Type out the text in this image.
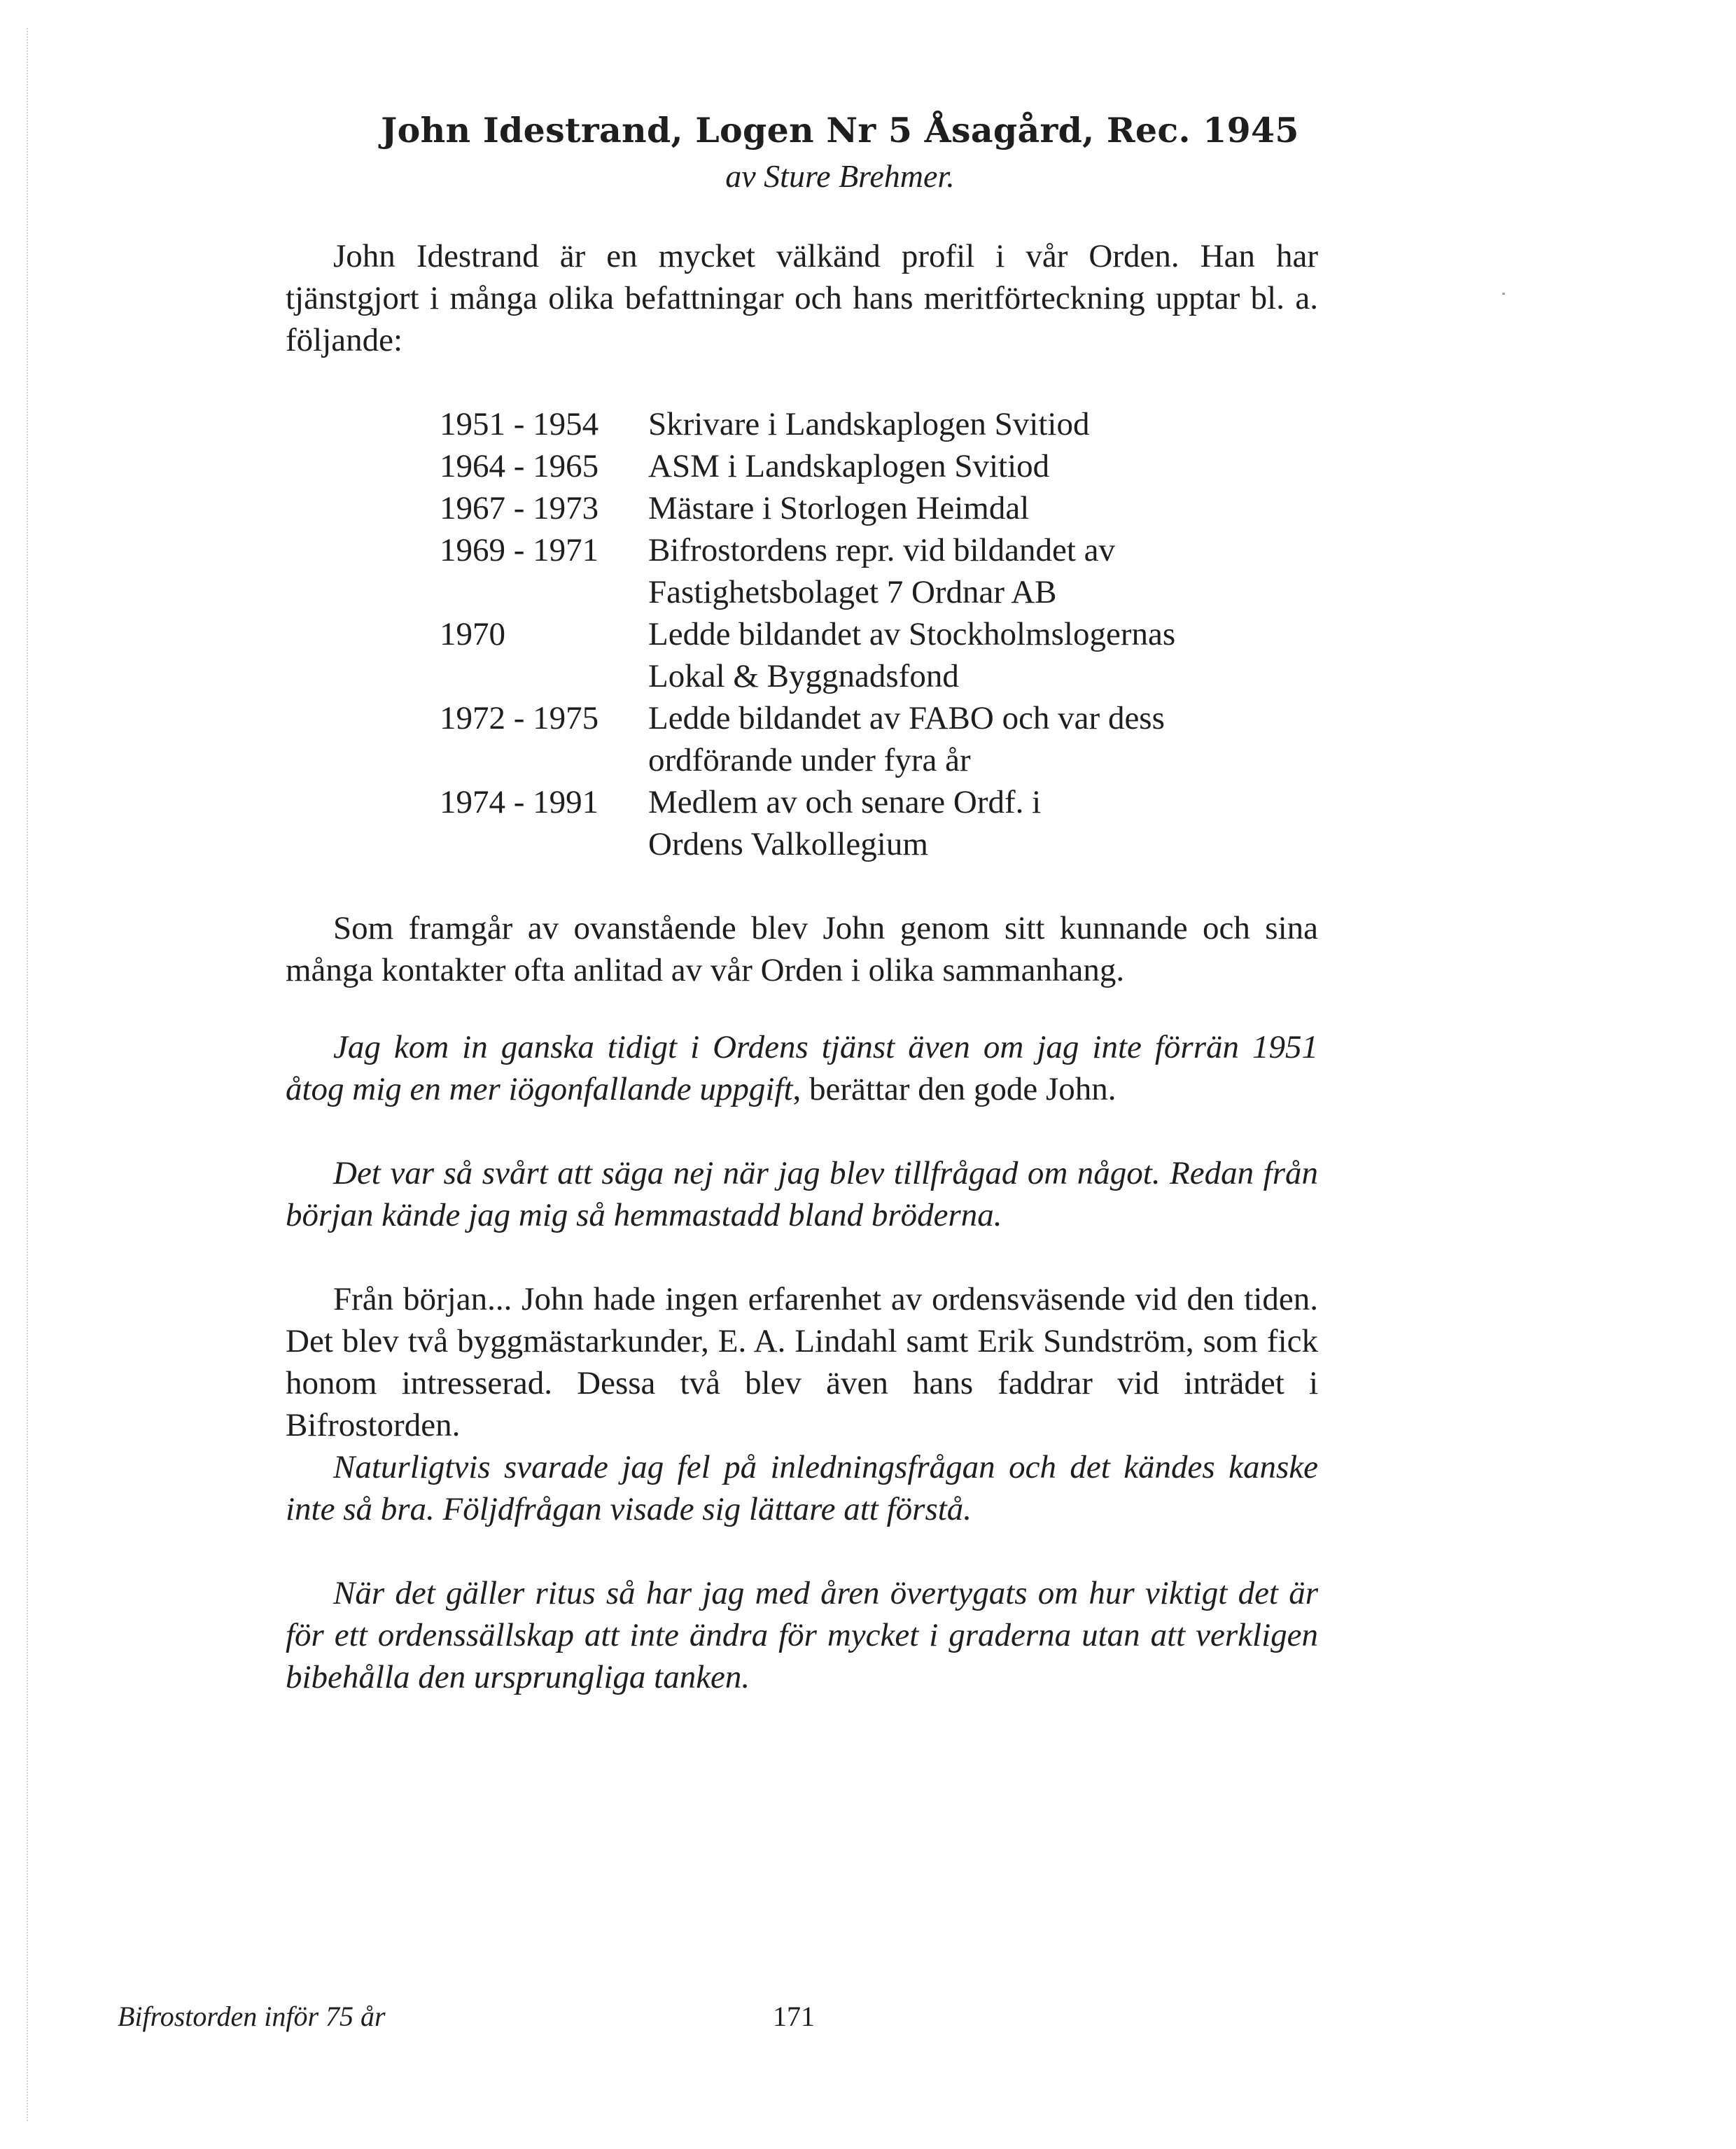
John Idestrand, Logen Nr 5 Åsagård, Rec. 1945

av Sture Brehmer.

John Idestrand är en mycket välkänd profil i vår Orden. Han har tjänstgjort i många olika befattningar och hans meritförteckning upptar bl. a. följande:

1951 - 1954	Skrivare i Landskaplogen Svitiod
1964 - 1965	ASM i Landskaplogen Svitiod
1967 - 1973	Mästare i Storlogen Heimdal
1969 - 1971	Bifrostordens repr. vid bildandet av
Fastighetsbolaget 7 Ordnar AB
1970	Ledde bildandet av Stockholmslogernas
Lokal & Byggnadsfond
1972 - 1975	Ledde bildandet av FABO och var dess
ordförande under fyra år
1974 - 1991	Medlem av och senare Ordf. i
Ordens Valkollegium

Som framgår av ovanstående blev John genom sitt kunnande och sina många kontakter ofta anlitad av vår Orden i olika sammanhang.

Jag kom in ganska tidigt i Ordens tjänst även om jag inte förrän 1951 åtog mig en mer iögonfallande uppgift, berättar den gode John.

Det var så svårt att säga nej när jag blev tillfrågad om något. Redan från början kände jag mig så hemmastadd bland bröderna.

Från början... John hade ingen erfarenhet av ordensväsende vid den tiden. Det blev två byggmästarkunder, E. A. Lindahl samt Erik Sundström, som fick honom intresserad. Dessa två blev även hans faddrar vid inträdet i Bifrostorden.

Naturligtvis svarade jag fel på inledningsfrågan och det kändes kanske inte så bra. Följdfrågan visade sig lättare att förstå.

När det gäller ritus så har jag med åren övertygats om hur viktigt det är för ett ordenssällskap att inte ändra för mycket i graderna utan att verkligen bibehålla den ursprungliga tanken.

Bifrostorden inför 75 år	171
